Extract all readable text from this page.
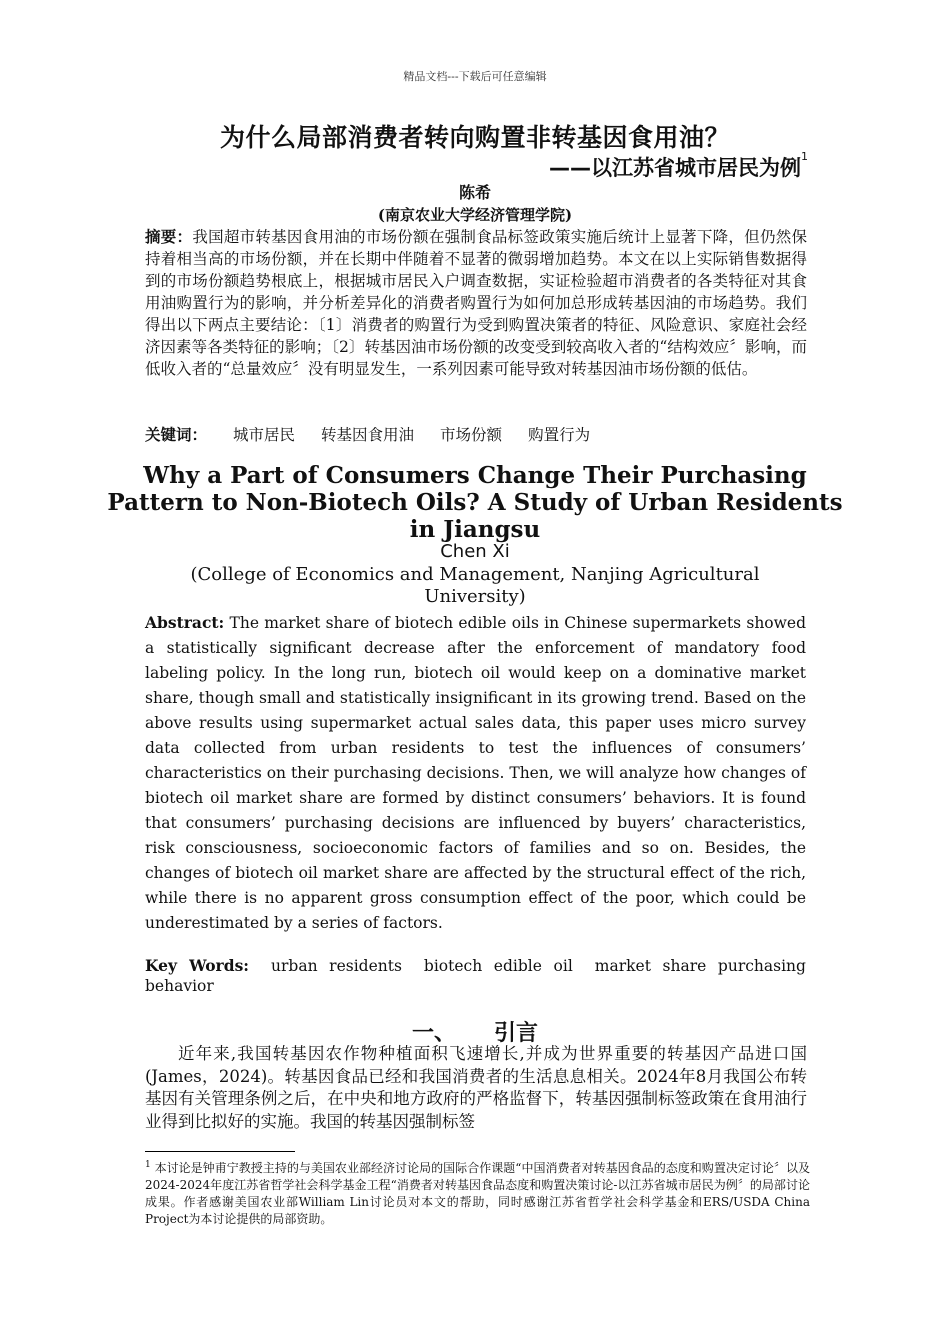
精品文档---下载后可任意编辑
为什么局部消费者转向购置非转基因食用油？
——以江苏省城市居民为例$^1$
陈希
(南京农业大学经济管理学院)
摘要：我国超市转基因食用油的市场份额在强制食品标签政策实施后统计上显著下降，但仍然保持着相当高的市场份额，并在长期中伴随着不显著的微弱增加趋势。本文在以上实际销售数据得到的市场份额趋势根底上，根据城市居民入户调查数据，实证检验超市消费者的各类特征对其食用油购置行为的影响，并分析差异化的消费者购置行为如何加总形成转基因油的市场趋势。我们得出以下两点主要结论：〔1〕消费者的购置行为受到购置决策者的特征、风险意识、家庭社会经济因素等各类特征的影响；〔2〕转基因油市场份额的改变受到较高收入者的“结构效应〞影响，而低收入者的“总量效应〞没有明显发生，一系列因素可能导致对转基因油市场份额的低估。
关键词： 城市居民 转基因食用油 市场份额 购置行为
Why a Part of Consumers Change Their Purchasing Pattern to Non-Biotech Oils? A Study of Urban Residents in Jiangsu
Chen Xi
(College of Economics and Management, Nanjing Agricultural University)
Abstract: The market share of biotech edible oils in Chinese supermarkets showed a statistically significant decrease after the enforcement of mandatory food labeling policy. In the long run, biotech oil would keep on a dominative market share, though small and statistically insignificant in its growing trend. Based on the above results using supermarket actual sales data, this paper uses micro survey data collected from urban residents to test the influences of consumers’ characteristics on their purchasing decisions. Then, we will analyze how changes of biotech oil market share are formed by distinct consumers’ behaviors. It is found that consumers’ purchasing decisions are influenced by buyers’ characteristics, risk consciousness, socioeconomic factors of families and so on. Besides, the changes of biotech oil market share are affected by the structural effect of the rich, while there is no apparent gross consumption effect of the poor, which could be underestimated by a series of factors.
Key Words: urban residents biotech edible oil market share purchasing behavior
一、 引言
近年来,我国转基因农作物种植面积飞速增长,并成为世界重要的转基因产品进口国(James，2024)。转基因食品已经和我国消费者的生活息息相关。2024年8月我国公布转基因有关管理条例之后，在中央和地方政府的严格监督下，转基因强制标签政策在食用油行业得到比拟好的实施。我国的转基因强制标签
$^1$ 本讨论是钟甫宁教授主持的与美国农业部经济讨论局的国际合作课题“中国消费者对转基因食品的态度和购置决定讨论〞以及2024-2024年度江苏省哲学社会科学基金工程“消费者对转基因食品态度和购置决策讨论-以江苏省城市居民为例〞的局部讨论成果。作者感谢美国农业部William Lin讨论员对本文的帮助，同时感谢江苏省哲学社会科学基金和ERS/USDA China Project为本讨论提供的局部资助。
